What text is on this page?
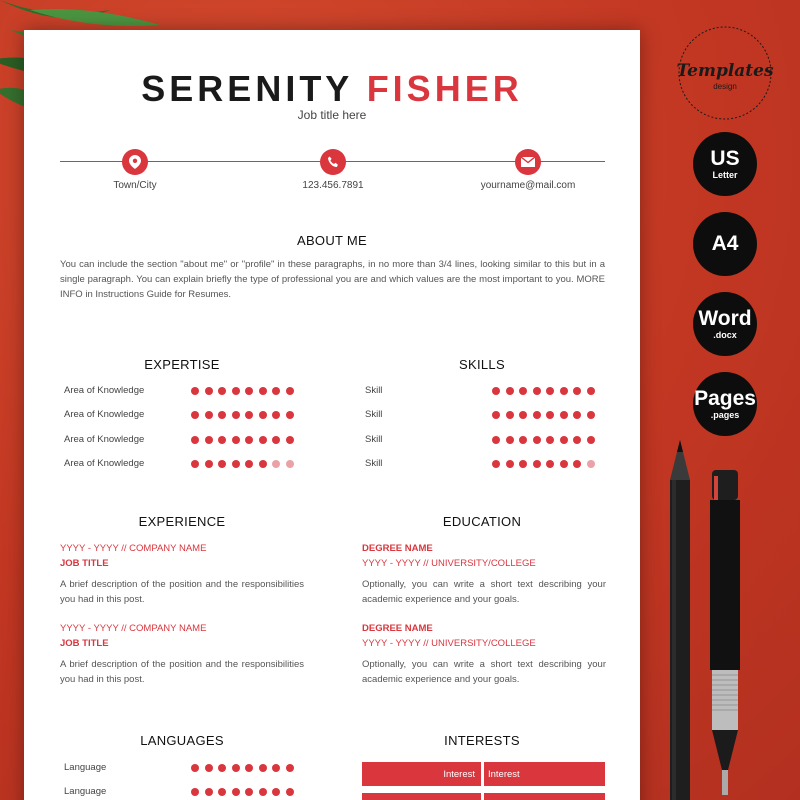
SERENITY FISHER
Job title here
Town/City	123.456.7891	yourname@mail.com
ABOUT ME
You can include the section "about me" or "profile" in these paragraphs, in no more than 3/4 lines, looking similar to this but in a single paragraph. You can explain briefly the type of professional you are and which values are the most important to you. MORE INFO in Instructions Guide for Resumes.
EXPERTISE
Area of Knowledge
Area of Knowledge
Area of Knowledge
Area of Knowledge
SKILLS
Skill
Skill
Skill
Skill
EXPERIENCE
YYYY - YYYY // COMPANY NAME
JOB TITLE
A brief description of the position and the responsibilities you had in this post.
YYYY - YYYY // COMPANY NAME
JOB TITLE
A brief description of the position and the responsibilities you had in this post.
EDUCATION
DEGREE NAME
YYYY - YYYY // UNIVERSITY/COLLEGE
Optionally, you can write a short text describing your academic experience and your goals.
DEGREE NAME
YYYY - YYYY // UNIVERSITY/COLLEGE
Optionally, you can write a short text describing your academic experience and your goals.
LANGUAGES
Language
Language
INTERESTS
Interest	Interest
Templates
design
US
Letter
A4
Word
.docx
Pages
.pages
